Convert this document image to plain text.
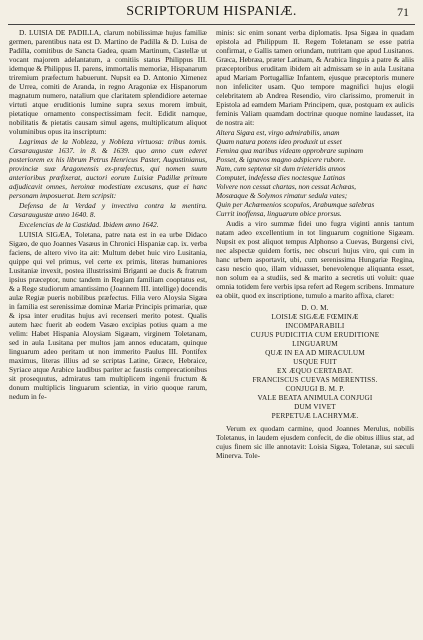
SCRIPTORUM HISPANIÆ.	71

D. LUISIA DE PADILLA, clarum nobilissimæ hujus familiæ germen, parentibus nata est D. Martino de Padilla & D. Luisa de Padilla, comitibus de Sancta Gadea, quam Martinum, Castellæ ut vocant majorem adelantatum, a comitiis status Philippus III. idemque & Philippus II. parens, immortalis memoriæ, Hispanarum triremium præfectum habuerunt. Nupsit ea D. Antonio Ximenez de Urrea, comiti de Aranda, in regno Aragoniæ ex Hispanorum magnatum numero, natalium que claritatem splendidiore aeternae virtuti atque eruditionis lumine supra sexus morem imbuit, pietatique ornamento conspectissimam fecit. Edidit namque, nobilitatis & pietatis causam simul agens, multiplicatum aliquot voluminibus opus ita inscriptum:

Lagrimas de la Nobleza, y Nobleza virtuosa: tribus tomis. Cæsaraugustæ 1637. in 8. & 1639. quo anno cum ederet posteriorem ex his librum Petrus Henricus Paster, Augustinianus, provinciæ suæ Aragonensis ex-præfectus, qui nomen suum anterioribus præfixerat, auctori eorum Luisiæ Padillæ primum adjudicavit omnes, heroinæ modestiam excusans, quæ ei hanc personam imposuerat. Item scripsit:

Defensa de la Verdad y invectiva contra la mentira. Cæsaraugustæ anno 1640. 8.

Excelencias de la Castidad. Ibidem anno 1642.

LUISIA SIGÆA, Toletana, patre nata est in ea urbe Didaco Sigæo, de quo Joannes Vasæus in Chronici Hispaniæ cap. ix. verba faciens, de altero vivo ita ait: Multum debet huic viro Lusitania, quippe qui vel primus, vel certe ex primis, literas humaniores Lusitaniæ invexit, postea illustrissimi Briganti ae ducis & fratrum ipsius præceptor, nunc tandem in Regiam familiam cooptatus est, & a Rege studiorum amantissimo (Joannem III. intellige) docendis aulæ Regiæ pueris nobilibus præfectus. Filia vero Aloysia Sigæa in familia est serenissimæ dominæ Mariæ Principis primariæ, quæ & ipsa inter eruditas hujus avi recenseri merito potest. Qualis autem hæc fuerit ab eodem Vasæo excipias potius quam a me velim: Habet Hispania Aloysiam Sigæam, virginem Toletanam, sed in aula Lusitana per multos jam annos educatam, quinque linguarum adeo peritam ut non immerito Paulus III. Pontifex maximus, literas illius ad se scriptas Latine, Græce, Hebraice, Syriace atque Arabice laudibus pariter ac faustis comprecationibus sit prosequutus, admiratus tam multiplicem ingenii fructum & donum multiplicis linguarum scientiæ, in virio quoque rarum, nedum in fe-

minis: sic enim sonant verba diplomatis. Ipsa Sigæa in quadam epistola ad Philippum II. Regem Toletanam se esse patria confirmat, e Gallis tamen oriundam, nutritam que apud Lusitanos. Græca, Hebræa, præter Latinam, & Arabica linguis a patre & aliis præceptoribus eruditam ibidem ait admissam se in aula Lusitana apud Mariam Portugalliæ Infantem, ejusque præceptoris munere non infeliciter usam. Quo tempore magnifici hujus elogii celebritatem ab Andrea Resendio, viro clarissimo, promeruit in Epistola ad eamdem Mariam Principem, quæ, postquam ex aulicis feminis Valiam quamdam doctrinæ quoque nomine laudasset, ita de nostra ait:

Altera Sigæa est, virgo admirabilis, unam
Quam natura potens ideo produxit ut esset
Femina qua maribus videam opprobrare supinam
Posset, & ignavos magno adspicere rubore.
Nam, cum septenæ sit dum trieteridis annos
Computet, indefessa dies noctesque Latinas
Volvere non cessat chartas, non cessat Achæas,
Mosæaque & Solymos rimatur sedula vates;
Quin per Achæmenios scopulos, Arabumque salebras
Currit inoffensa, linguarum obice prorsus.

Audis a viro summæ fidei uno fugra viginti annis tantum natam adeo excellentium in tot linguarum cognitione Sigæam. Nupsit ex post aliquot tempus Alphonso a Cuevas, Burgensi civi, nec alspectæ quidem fortis, nec obscuri hujus viro, qui cum in hanc urbem asportavit, ubi, cum serenissima Hungariæ Regina, casu nescio quo, illam viduasset, benevolenque aliquanta esset, non solum ea a studiis, sed & marito a secretis uti voluit: quae omnia totidem fere verbis ipsa refert ad Regem scribens. Immature ea obiit, quod ex inscriptione, tumulo a marito affixa, claret:

D. O. M.
LOISIÆ SIGÆÆ FŒMINÆ
INCOMPARABILI
CUJUS PUDICITIA CUM ERUDITIONE
LINGUARUM
QUÆ IN EA AD MIRACULUM
USQUE FUIT
EX ÆQUO CERTABAT.
FRANCISCUS CUEVAS MŒRENTISS.
CONJUGI B. M. P.
VALE BEATA ANIMULA CONJUGI
DUM VIVET
PERPETUÆ LACHRYMÆ.

Verum ex quodam carmine, quod Joannes Merulus, nobilis Toletanus, in laudem ejusdem confecit, de die obitus illius stat, ad cujus finem sic ille annotavit: Loisia Sigæa, Toletanæ, sui sæculi Minerva. Tole-
